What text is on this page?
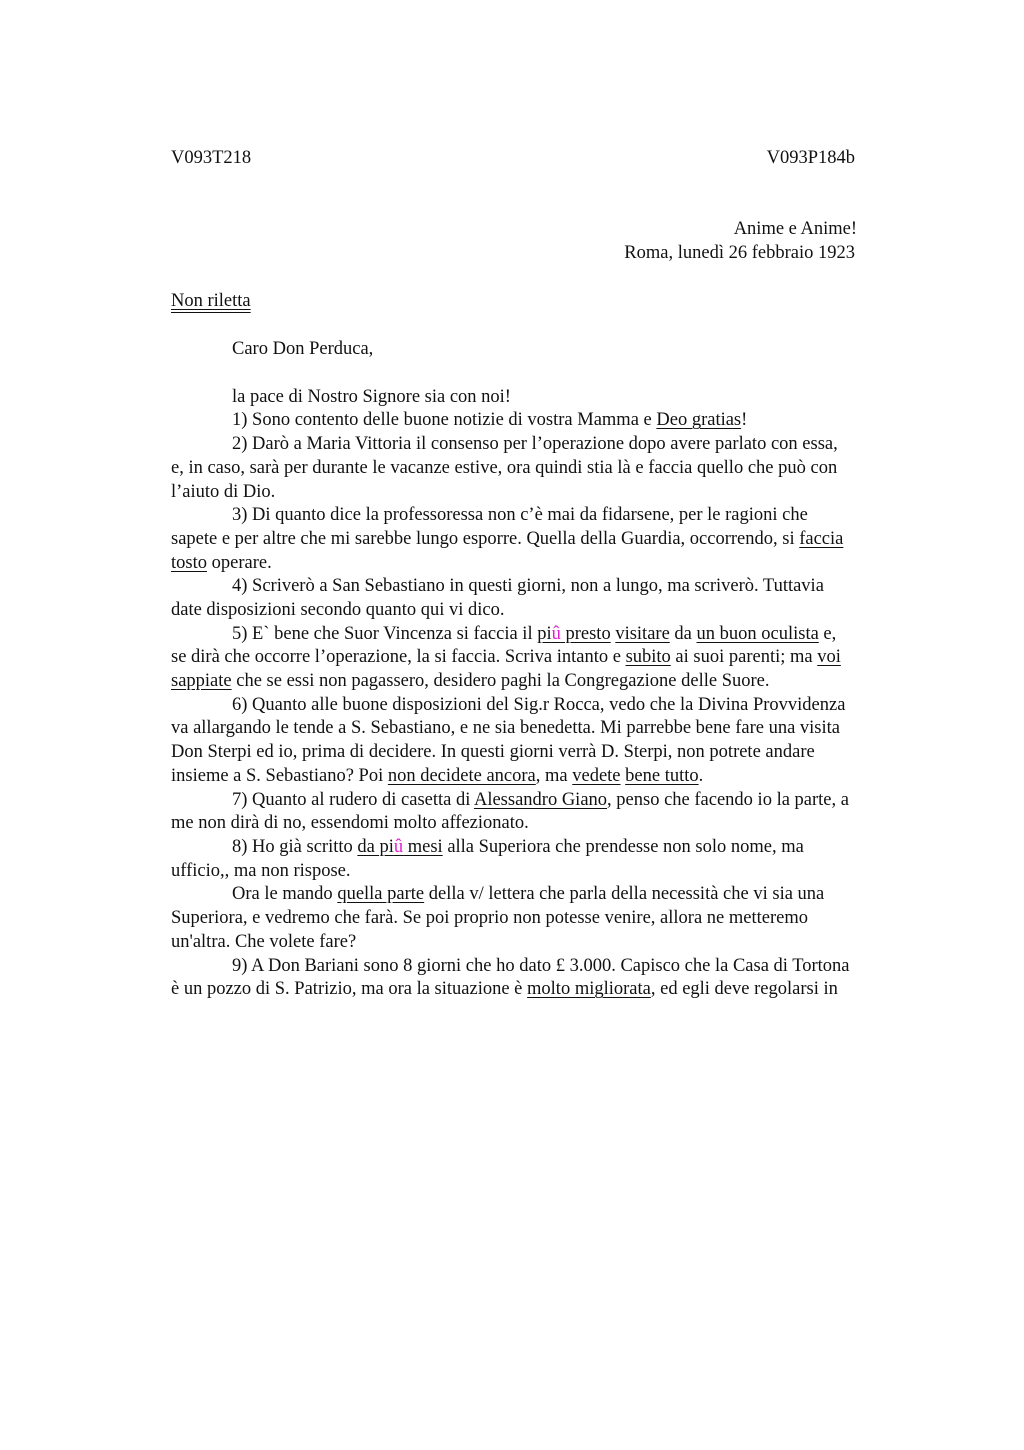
V093T218	V093P184b
Anime e Anime!
Roma, lunedì 26 febbraio 1923
Non riletta
Caro Don Perduca,
la pace di Nostro Signore sia con noi!
1) Sono contento delle buone notizie di vostra Mamma e Deo gratias!
2) Darò a Maria Vittoria il consenso per l’operazione dopo avere parlato con essa,
e, in caso, sarà per durante le vacanze estive, ora quindi stia là e faccia quello che può con
l’aiuto di Dio.
3) Di quanto dice la professoressa non c’è mai da fidarsene, per le ragioni che
sapete e per altre che mi sarebbe lungo esporre. Quella della Guardia, occorrendo, si faccia
tosto operare.
4) Scriverò a San Sebastiano in questi giorni, non a lungo, ma scriverò. Tuttavia
date disposizioni secondo quanto qui vi dico.
5) E` bene che Suor Vincenza si faccia il piû presto visitare da un buon oculista e,
se dirà che occorre l’operazione, la si faccia. Scriva intanto e subito ai suoi parenti; ma voi
sappiate che se essi non pagassero, desidero paghi la Congregazione delle Suore.
6) Quanto alle buone disposizioni del Sig.r Rocca, vedo che la Divina Provvidenza
va allargando le tende a S. Sebastiano, e ne sia benedetta. Mi parrebbe bene fare una visita
Don Sterpi ed io, prima di decidere. In questi giorni verrà D. Sterpi, non potrete andare
insieme a S. Sebastiano? Poi non decidete ancora, ma vedete bene tutto.
7) Quanto al rudero di casetta di Alessandro Giano, penso che facendo io la parte, a
me non dirà di no, essendomi molto affezionato.
8) Ho già scritto da piû mesi alla Superiora che prendesse non solo nome, ma
ufficio,, ma non rispose.
Ora le mando quella parte della v/ lettera che parla della necessità che vi sia una
Superiora, e vedremo che farà. Se poi proprio non potesse venire, allora ne metteremo
un'altra. Che volete fare?
9) A Don Bariani sono 8 giorni che ho dato £ 3.000. Capisco che la Casa di Tortona
è un pozzo di S. Patrizio, ma ora la situazione è molto migliorata, ed egli deve regolarsi in
